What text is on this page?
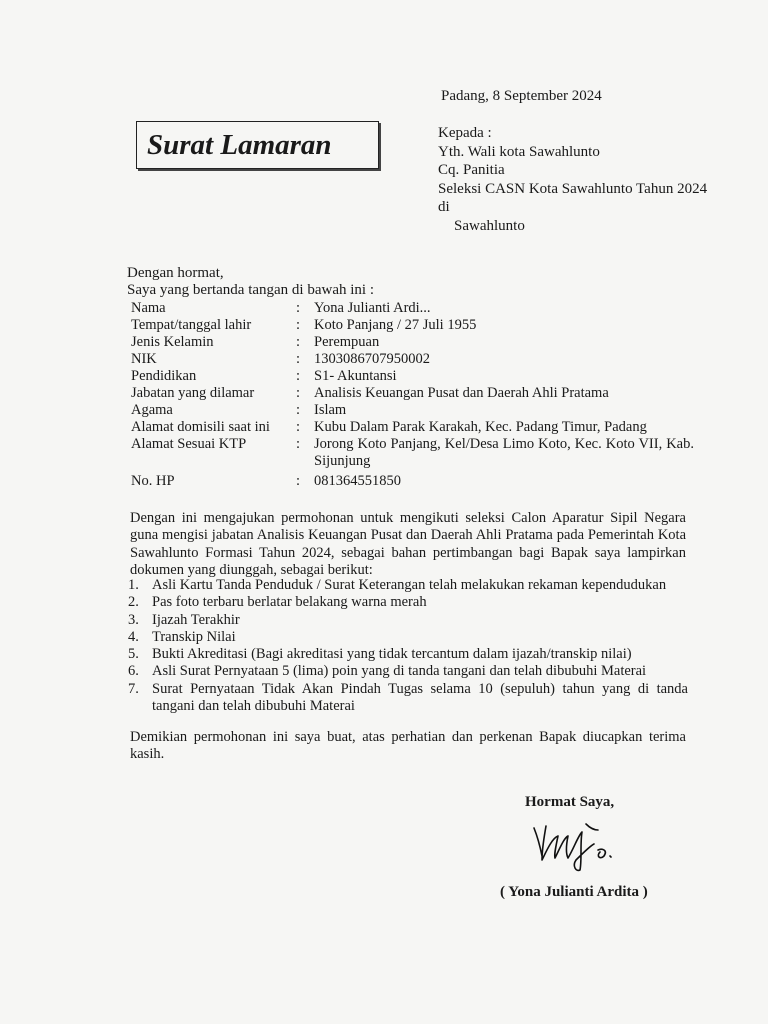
Padang, 8 September 2024
Surat Lamaran	Kepada :
Yth. Wali kota Sawahlunto
Cq. Panitia
Seleksi CASN Kota Sawahlunto Tahun 2024
di
Sawahlunto
Dengan hormat,
Saya yang bertanda tangan di bawah ini :
Nama	: Yona Julianti Ardi...
Tempat/tanggal lahir	: Koto Panjang / 27 Juli 1955
Jenis Kelamin	: Perempuan
NIK	: 1303086707950002
Pendidikan	: S1- Akuntansi
Jabatan yang dilamar	: Analisis Keuangan Pusat dan Daerah Ahli Pratama
Agama	: Islam
Alamat domisili saat ini	: Kubu Dalam Parak Karakah, Kec. Padang Timur, Padang
Alamat Sesuai KTP	: Jorong Koto Panjang, Kel/Desa Limo Koto, Kec. Koto VII, Kab. Sijunjung
No. HP	: 081364551850
Dengan ini mengajukan permohonan untuk mengikuti seleksi Calon Aparatur Sipil Negara guna mengisi jabatan Analisis Keuangan Pusat dan Daerah Ahli Pratama pada Pemerintah Kota Sawahlunto Formasi Tahun 2024, sebagai bahan pertimbangan bagi Bapak saya lampirkan dokumen yang diunggah, sebagai berikut:
1. Asli Kartu Tanda Penduduk / Surat Keterangan telah melakukan rekaman kependudukan
2. Pas foto terbaru berlatar belakang warna merah
3. Ijazah Terakhir
4. Transkip Nilai
5. Bukti Akreditasi (Bagi akreditasi yang tidak tercantum dalam ijazah/transkip nilai)
6. Asli Surat Pernyataan 5 (lima) poin yang di tanda tangani dan telah dibubuhi Materai
7. Surat Pernyataan Tidak Akan Pindah Tugas selama 10 (sepuluh) tahun yang di tanda tangani dan telah dibubuhi Materai
Demikian permohonan ini saya buat, atas perhatian dan perkenan Bapak diucapkan terima kasih.
Hormat Saya,
( Yona Julianti Ardita )
